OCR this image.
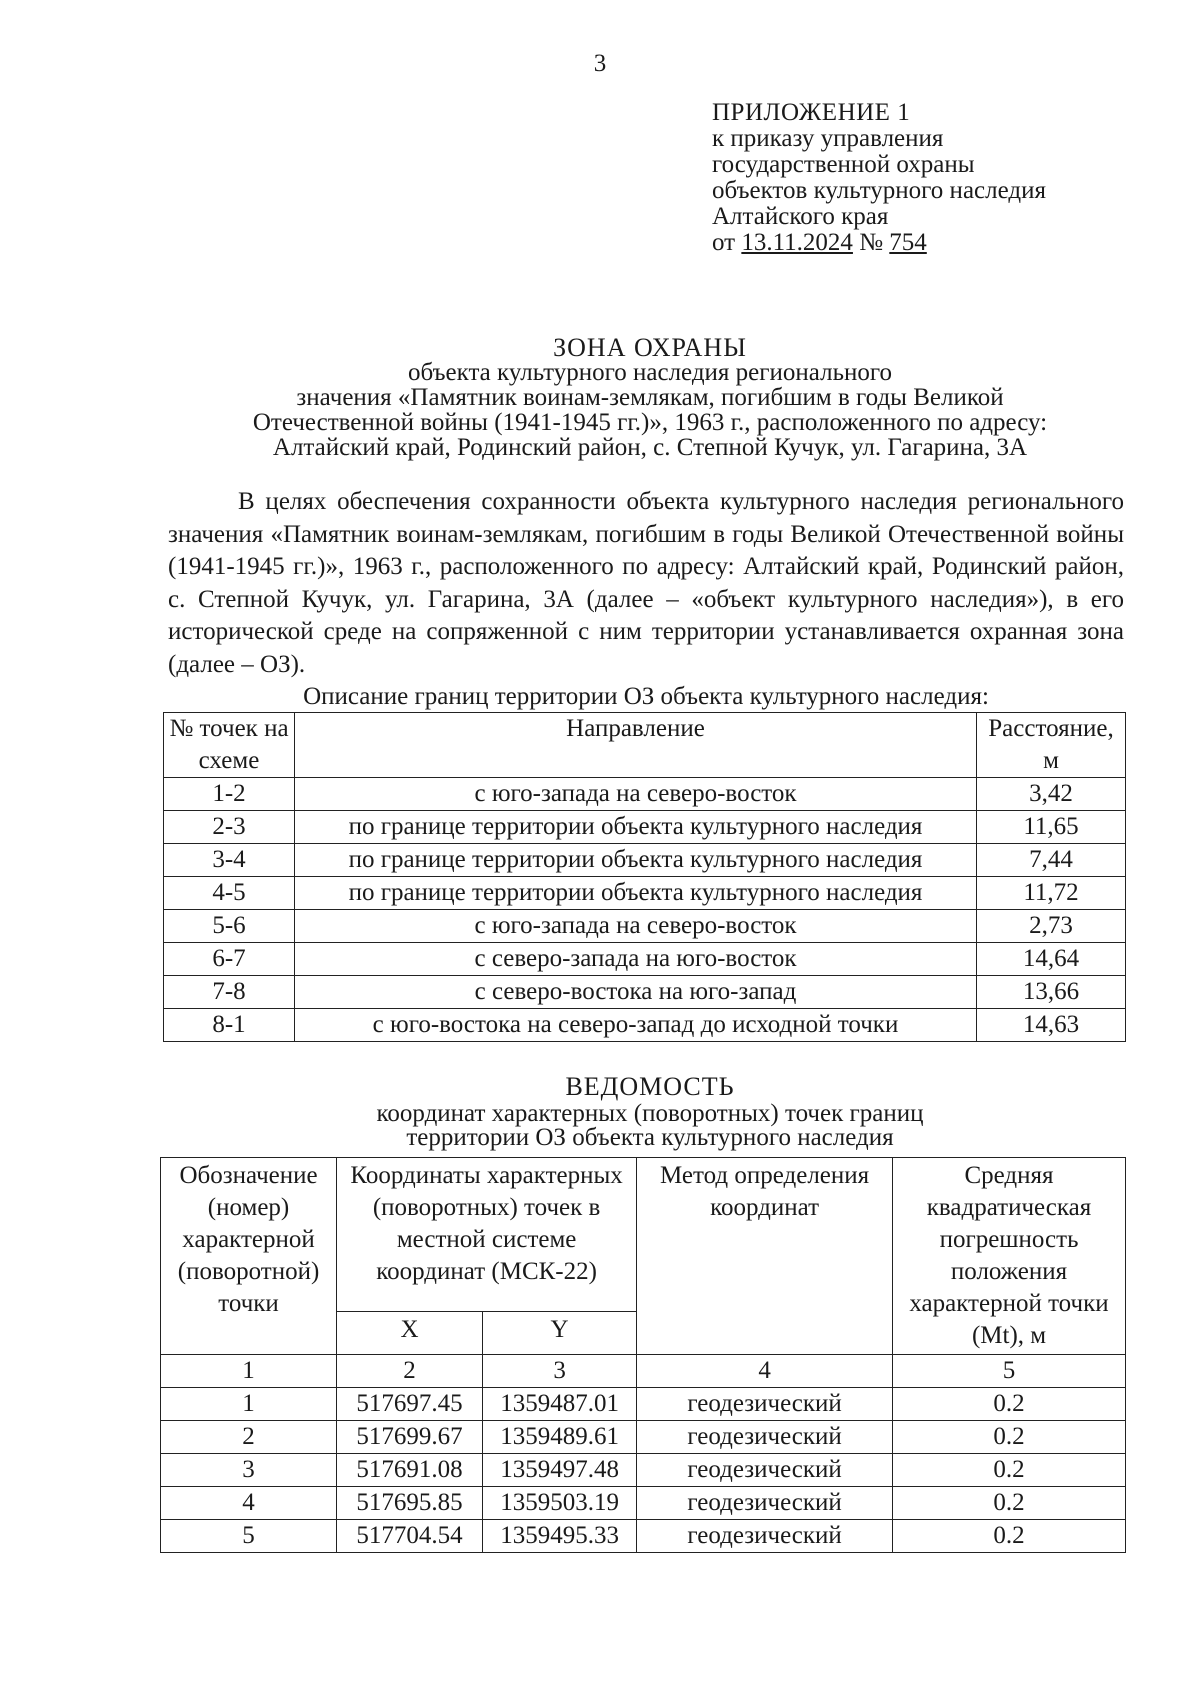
3
ПРИЛОЖЕНИЕ 1
к приказу управления
государственной охраны
объектов культурного наследия
Алтайского края
от 13.11.2024 № 754
ЗОНА ОХРАНЫ
объекта культурного наследия регионального
значения «Памятник воинам-землякам, погибшим в годы Великой
Отечественной войны (1941-1945 гг.)», 1963 г., расположенного по адресу:
Алтайский край, Родинский район, с. Степной Кучук, ул. Гагарина, 3А

В целях обеспечения сохранности объекта культурного наследия регионального значения «Памятник воинам-землякам, погибшим в годы Великой Отечественной войны (1941-1945 гг.)», 1963 г., расположенного по адресу: Алтайский край, Родинский район, с. Степной Кучук, ул. Гагарина, 3А (далее – «объект культурного наследия»), в его исторической среде на сопряженной с ним территории устанавливается охранная зона (далее – ОЗ).

Описание границ территории ОЗ объекта культурного наследия:
№ точек на схеме	Направление	Расстояние, м
1-2	с юго-запада на северо-восток	3,42
2-3	по границе территории объекта культурного наследия	11,65
3-4	по границе территории объекта культурного наследия	7,44
4-5	по границе территории объекта культурного наследия	11,72
5-6	с юго-запада на северо-восток	2,73
6-7	с северо-запада на юго-восток	14,64
7-8	с северо-востока на юго-запад	13,66
8-1	с юго-востока на северо-запад до исходной точки	14,63
ВЕДОМОСТЬ
координат характерных (поворотных) точек границ
территории ОЗ объекта культурного наследия
Обозначение (номер) характерной (поворотной) точки	Координаты характерных (поворотных) точек в местной системе координат (МСК-22)		Метод определения координат	Средняя квадратическая погрешность положения характерной точки (Mt), м
	X	Y		
1	2	3	4	5
1	517697.45	1359487.01	геодезический	0.2
2	517699.67	1359489.61	геодезический	0.2
3	517691.08	1359497.48	геодезический	0.2
4	517695.85	1359503.19	геодезический	0.2
5	517704.54	1359495.33	геодезический	0.2
